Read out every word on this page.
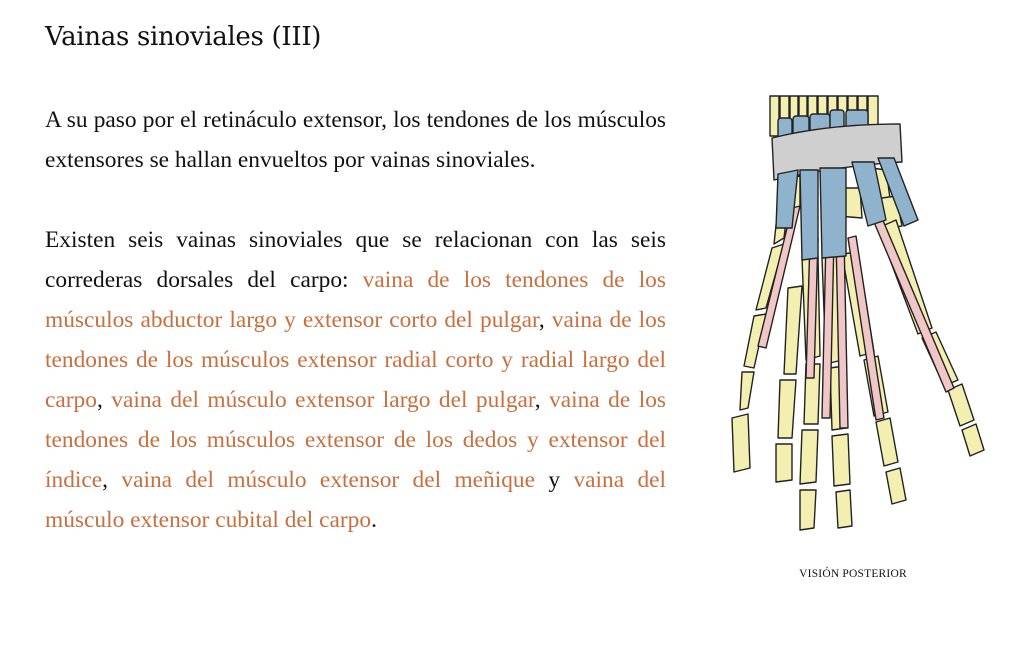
Vainas sinoviales (III)

A su paso por el retináculo extensor, los tendones de los músculos extensores se hallan envueltos por vainas sinoviales.

Existen seis vainas sinoviales que se relacionan con las seis correderas dorsales del carpo: vaina de los tendones de los músculos abductor largo y extensor corto del pulgar, vaina de los tendones de los músculos extensor radial corto y radial largo del carpo, vaina del músculo extensor largo del pulgar, vaina de los tendones de los músculos extensor de los dedos y extensor del índice, vaina del músculo extensor del meñique y vaina del músculo extensor cubital del carpo.

VISIÓN POSTERIOR
